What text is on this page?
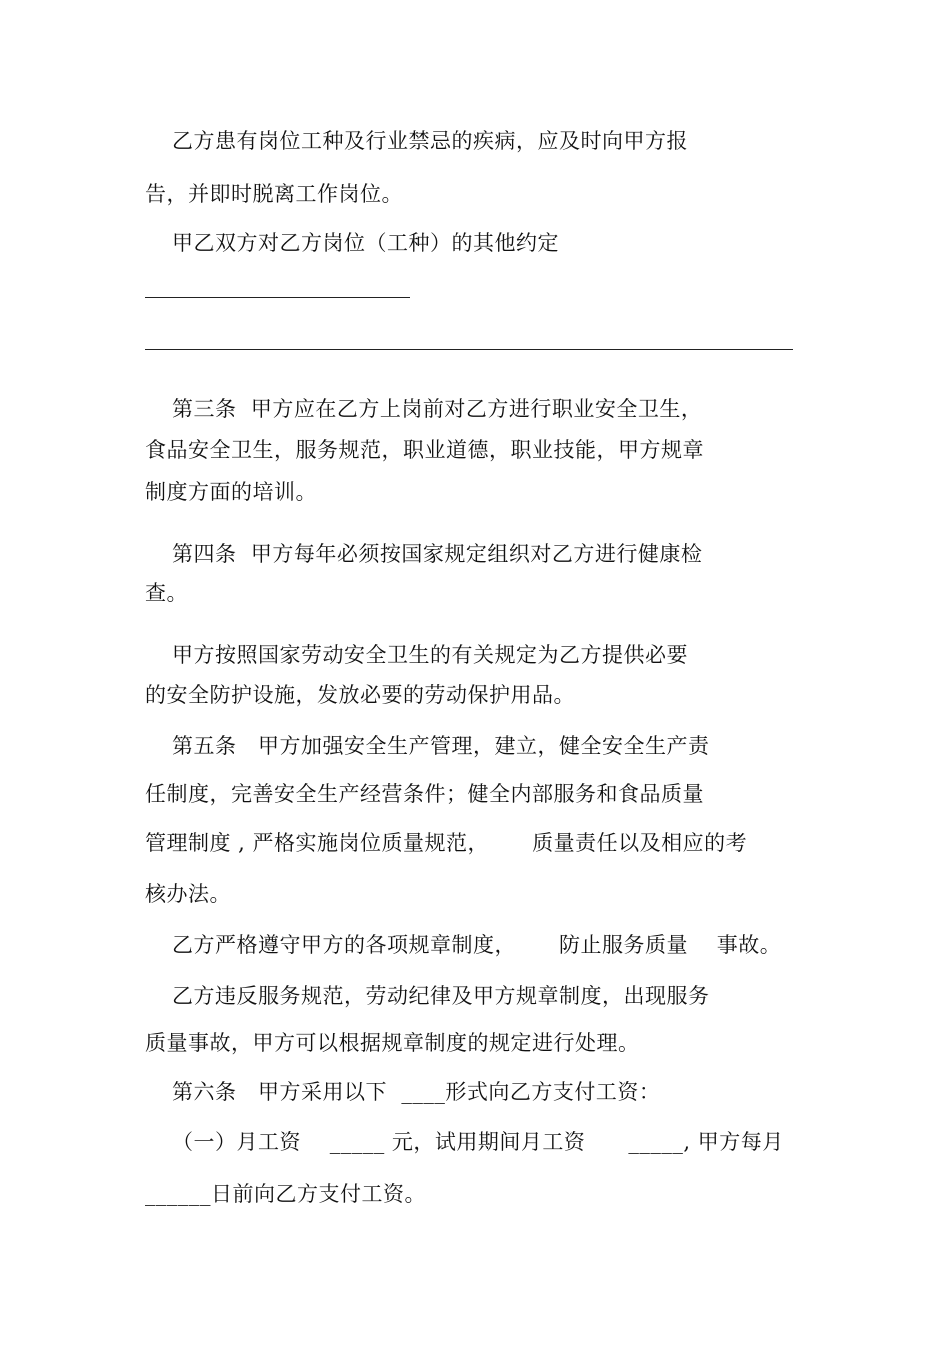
乙方患有岗位工种及行业禁忌的疾病，应及时向甲方报
告，并即时脱离工作岗位。
甲乙双方对乙方岗位（工种）的其他约定
第三条  甲方应在乙方上岗前对乙方进行职业安全卫生，
食品安全卫生，服务规范，职业道德，职业技能，甲方规章
制度方面的培训。
第四条  甲方每年必须按国家规定组织对乙方进行健康检
查。
甲方按照国家劳动安全卫生的有关规定为乙方提供必要
的安全防护设施，发放必要的劳动保护用品。
第五条   甲方加强安全生产管理，建立，健全安全生产责
任制度，完善安全生产经营条件；健全内部服务和食品质量
管理制度 , 严格实施岗位质量规范，      质量责任以及相应的考
核办法。
乙方严格遵守甲方的各项规章制度，      防止服务质量    事故。
乙方违反服务规范，劳动纪律及甲方规章制度，出现服务
质量事故，甲方可以根据规章制度的规定进行处理。
第六条   甲方采用以下  ____形式向乙方支付工资：
（一）月工资    _____ 元，试用期间月工资      _____, 甲方每月
______日前向乙方支付工资。
